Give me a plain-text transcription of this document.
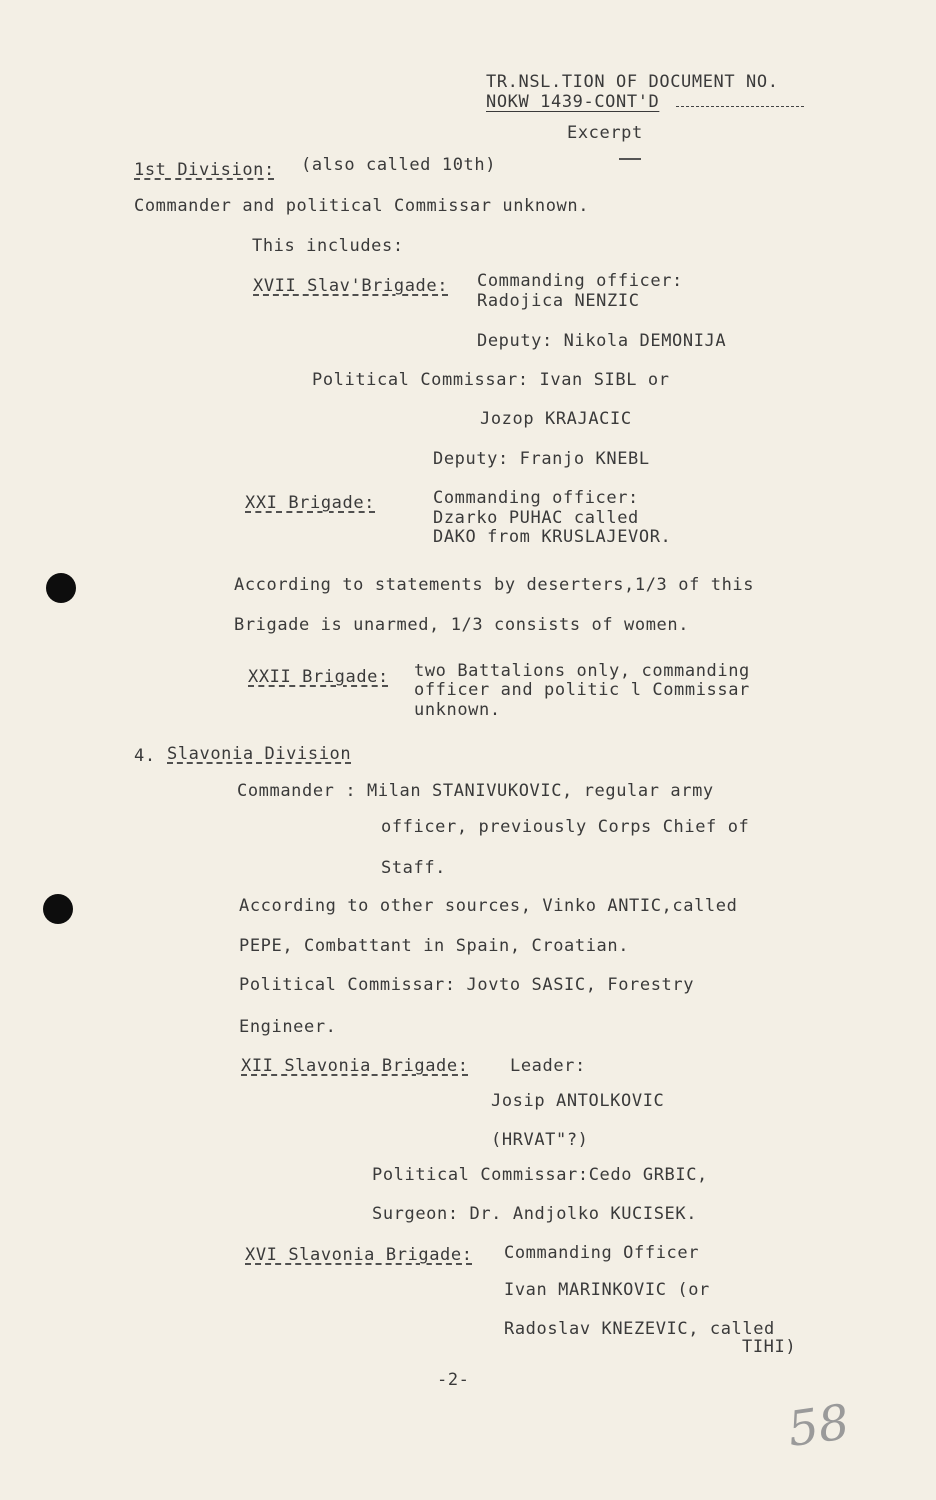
TR.NSL.TION OF DOCUMENT NO.
NOKW 1439-CONT'D
Excerpt
1st Division: (also called 10th)
Commander and political Commissar unknown.
This includes:
XVII Slav'Brigade: Commanding officer:
Radojica NENZIC
Deputy: Nikola DEMONIJA
Political Commissar: Ivan SIBL or
Jozop KRAJACIC
Deputy: Franjo KNEBL
XXI Brigade:	Commanding officer:
Dzarko PUHAC called
DAKO from KRUSLAJEVOR.
According to statements by deserters,1/3 of this
Brigade is unarmed, 1/3 consists of women.
XXII Brigade: two Battalions only, commanding
officer and politic l Commissar
unknown.
4. Slavonia Division
Commander : Milan STANIVUKOVIC, regular army
officer, previously Corps Chief of
Staff.
According to other sources, Vinko ANTIC,called
PEPE, Combattant in Spain, Croatian.
Political Commissar: Jovto SASIC, Forestry
Engineer.
XII Slavonia Brigade: Leader:
Josip ANTOLKOVIC
(HRVAT"?)
Political Commissar:Cedo GRBIC,
Surgeon: Dr. Andjolko KUCISEK.
XVI Slavonia Brigade: Commanding Officer
Ivan MARINKOVIC (or
Radoslav KNEZEVIC, called
TIHI)
-2-
58
